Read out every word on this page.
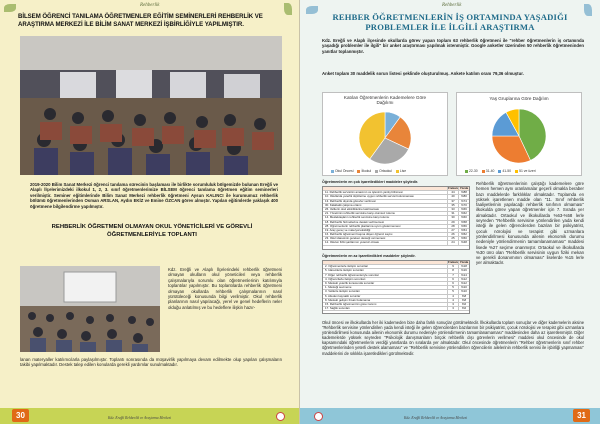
Rehberlik
BİLSEM ÖĞRENCİ TANILAMA ÖĞRETMENLER EĞİTİM SEMİNERLERİ REHBERLİK VE ARAŞTIRMA MERKEZİ İLE BİLİM SANAT MERKEZİ İŞBİRLİĞİYLE YAPILMIŞTIR.
2019-2020 Bilim Sanat Merkezi öğrenci tanılama sürecinin başlaması ile birlikte sorumluluk bölgemizde bulunan Ereğli ve Alaplı İlçelerimizdeki ilkokul 1, 2, 3. sınıf öğretmenlerimize BİLSEM öğrenci tanılama öğretmen eğitim seminerleri verilmiştir. Seminer eğitimlerinde Bilim Sanat Merkezi rehberlik öğretmeni Aysun KALINCI ile kurumumuz rehberlik bölümü öğretmenlerinden Osman ARSLAN, Aydın EKİZ ve Emine ÖZCAN görev almıştır. Yapılan eğitimlerde yaklaşık 400 öğretmene bilgilendirme yapılmıştır.
REHBERLİK ÖĞRETMENİ OLMAYAN OKUL YÖNETİCİLERİ VE GÖREVLİ ÖĞRETMENLERİYLE TOPLANTI
Kdz. Ereğli ve Alaplı İlçelerindeki rehberlik öğretmeni olmayan okulların okul yöneticileri veya rehberlik çalışmalarıyla sorumlu olan öğretmenlerinin katılımıyla toplantılar yapılmıştır. Bu toplantılarda rehberlik öğretmeni olmayan okullarda rehberlik çalışmalarının nasıl yürütüleceği konusunda bilgi verilmiştir. Okul rehberlik planlarının nasıl yapılacağı, yerel ve genel hedeflerin neler olduğu anlatılmış ve bu hedeflere ilişkin hazır-
lanan materyaller katılımcılarla paylaşılmıştır. Toplantı sonrasında da müşavirlik yapılmaya devam edilmekte olup yapılan çalışmaların takibi yapılmaktadır. Destek talep edilen konularda gerekli yardımlar sunulmaktadır.
30	Kdz. Ereğli Rehberlik ve Araştırma Merkezi
Rehberlik
REHBER ÖĞRETMENLERİN İŞ ORTAMINDA YAŞADIĞI PROBLEMLER İLE İLGİLİ ARAŞTIRMA
Kdz. Ereğli ve Alaplı ilçesinde okullarda görev yapan toplam 63 rehberlik öğretmeni ile "rehber öğretmenlerin iş ortamında yaşadığı problemler ile ilgili" bir anket araştırması yapılmak istenmiştir. Google anketler üzerinden 50 rehberlik öğretmeninden yanıtlar toplanmıştır.
Anket toplam 30 maddelik sorun listesi şeklinde oluşturulmuş. Ankete katılım oranı 79,36 olmuştur.
Katılan Öğretmenlerin Kademelere Göre Dağılımı
Okul Öncesi İlkokul Ortaokul Lise
Yaş Gruplarına Göre Dağılım
22-30 31-40 41-50 51 ve üzeri
Öğretmenlerin en çok işaretledikleri maddeler şöyledir.
Frekans Yüzde
11. Rehberlik servisinin amacının ve işlevinin yanlış bilinmesi	44	%88
10. Okullarda yeterlik ölçütlerine uygun rehberlik servisi bulunmaması	40	%80
13. Rehberlik dışında görevler verilmesi	37	%74
30. Kalabalık çalışma ortamı	35	%70
26. Velilerin okul etkinliklerine katılmaması	33	%66
21. Yönetimin rehberlik servisine karşı olumsuz tutumu	31	%62
14. Meslektaşların rehberlik servisine karşı tutumu	30	%60
18. Rehberlik hizmetlerine destek verilmemesi	29	%58
28. Öğretmenlerin rehberlik planlarına uyum göstermemesi	28	%56
19. Araç gereç ve materyal eksikliği	27	%54
16. Rehberlik öğretmeni başına düşen öğrenci sayısı	26	%52
23. Okul idaresinin gereken desteği vermemesi	25	%50
12. Okulun fiziki şartlarının yetersiz olması	24	%48
Öğretmenlerin en az işaretledikleri maddeler şöyledir.
Frekans Yüzde
2. Öğretmenlerle iletişim sorunları	9	%18
5. İdarecilerle iletişim sorunları	8	%16
7. Diğer rehberlik öğretmenleriyle sorunlar	7	%14
4. Öğrencilerle iletişim sorunları	6	%12
9. Mesleki yeterlik konusunda sorunlar	6	%12
1. Mesleği sevmeme	5	%10
3. Velilerle iletişim sorunları	5	%10
6. Aileden kaynaklı sorunlar	4	%8
8. Mesleki gelişim fırsatı bulamama	4	%8
15. Rehberlik öğretmeninin görev tanımı	3	%6
17. Sağlık sorunları	3	%6
Rehberlik öğretmenlerinin çalıştığı kademelere göre hemen hemen aynı oranlamalar geçerli olmakla beraber bazı maddelerde farklılıklar olmaktadır. Toplamda en yüksek işaretlenen madde olan "11. Sınıf rehberlik faaliyetlerinin yapılacağı rehberlik sınıfının olmaması" ilkokulda görev yapan öğretmenler için 7. Sırada yer almaktadır. Ortaokul ve ilkokullarda %63-%58 lerle seyreden "Rehberlik servisine yönlendirilen yada kendi isteği ile gelen öğrencilerden bazıları bir psikiyatrist, çocuk nörolojisi ve terapist gibi uzmanlara yönlendirilmesi konusunda ailenin ekonomik durumu nedeniyle yönlendirmenin tamamlanamaması" maddesi lisede %27 seçime onanmıştır. Ortaokul ve ilkokullarda %30 ünü olan "Rehberlik servisinin uygun fiziki mekan ve gerekli donanımının olmaması" liselerde %15 lerle yer almaktadır.
Okul öncesi ve ilkokullarda her iki kademeden bize daha farklı sonuçlar görülmektedir. İlkokullarda toplam sonuçlar ve diğer kademelerin aksine "Rehberlik servisine yönlendirilen yada kendi isteği ile gelen öğrencilerden bazılarının bir psikiyatrist, çocuk nörolojisi ve terapist gibi uzmanlara yönlendirilmesi konusunda ailenin ekonomik durumu nedeniyle yönlendirmenin tamamlanamaması" maddesinden daha az işaretlenmiştir. Diğer kademelerde yüksek seyreden "Psikolojik danışmanların birçok rehberlik dışı görevlerin verilmesi" maddesi okul öncesinde de okul kapsamındaki öğretmenlerin verdiği yanıtlarda ön sıralarda yer almaktadır. Okul öncesinde öğretmenlerin "Rehber öğretmenlerin sınıf rehber öğretmenlerinden yeterli destek alamaması" ve "Rehberlik servisine yönlendirilen öğrencilerin ailelerinin rehberlik servisi ile işbirliği yapmaması" maddelerini de sıklıkla işaretledikleri görülmektedir.
Kdz. Ereğli Rehberlik ve Araştırma Merkezi	31
